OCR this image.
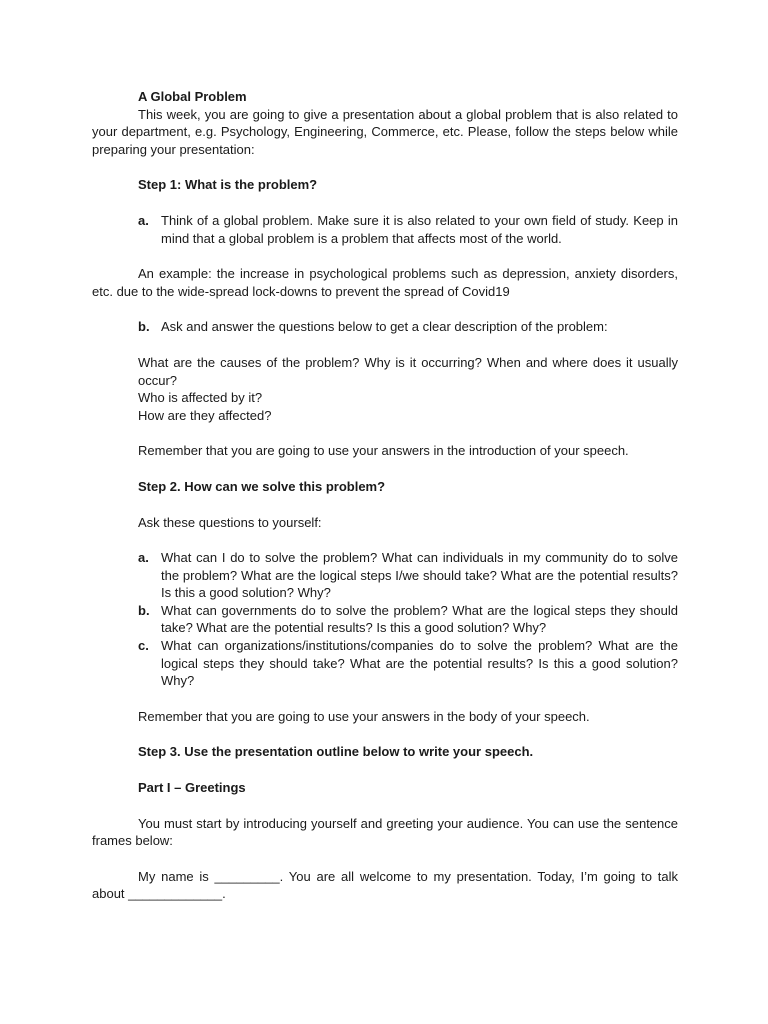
A Global Problem

This week, you are going to give a presentation about a global problem that is also related to your department, e.g. Psychology, Engineering, Commerce, etc. Please, follow the steps below while preparing your presentation:

Step 1: What is the problem?

a. Think of a global problem. Make sure it is also related to your own field of study. Keep in mind that a global problem is a problem that affects most of the world.

An example: the increase in psychological problems such as depression, anxiety disorders, etc. due to the wide-spread lock-downs to prevent the spread of Covid19

b. Ask and answer the questions below to get a clear description of the problem:

What are the causes of the problem? Why is it occurring? When and where does it usually occur?

Who is affected by it?

How are they affected?

Remember that you are going to use your answers in the introduction of your speech.

Step 2. How can we solve this problem?

Ask these questions to yourself:

a. What can I do to solve the problem? What can individuals in my community do to solve the problem? What are the logical steps I/we should take? What are the potential results? Is this a good solution? Why?
b. What can governments do to solve the problem? What are the logical steps they should take? What are the potential results? Is this a good solution? Why?
c. What can organizations/institutions/companies do to solve the problem? What are the logical steps they should take? What are the potential results? Is this a good solution? Why?

Remember that you are going to use your answers in the body of your speech.

Step 3. Use the presentation outline below to write your speech.

Part I – Greetings

You must start by introducing yourself and greeting your audience. You can use the sentence frames below:

My name is _________. You are all welcome to my presentation. Today, I’m going to talk about _____________.
